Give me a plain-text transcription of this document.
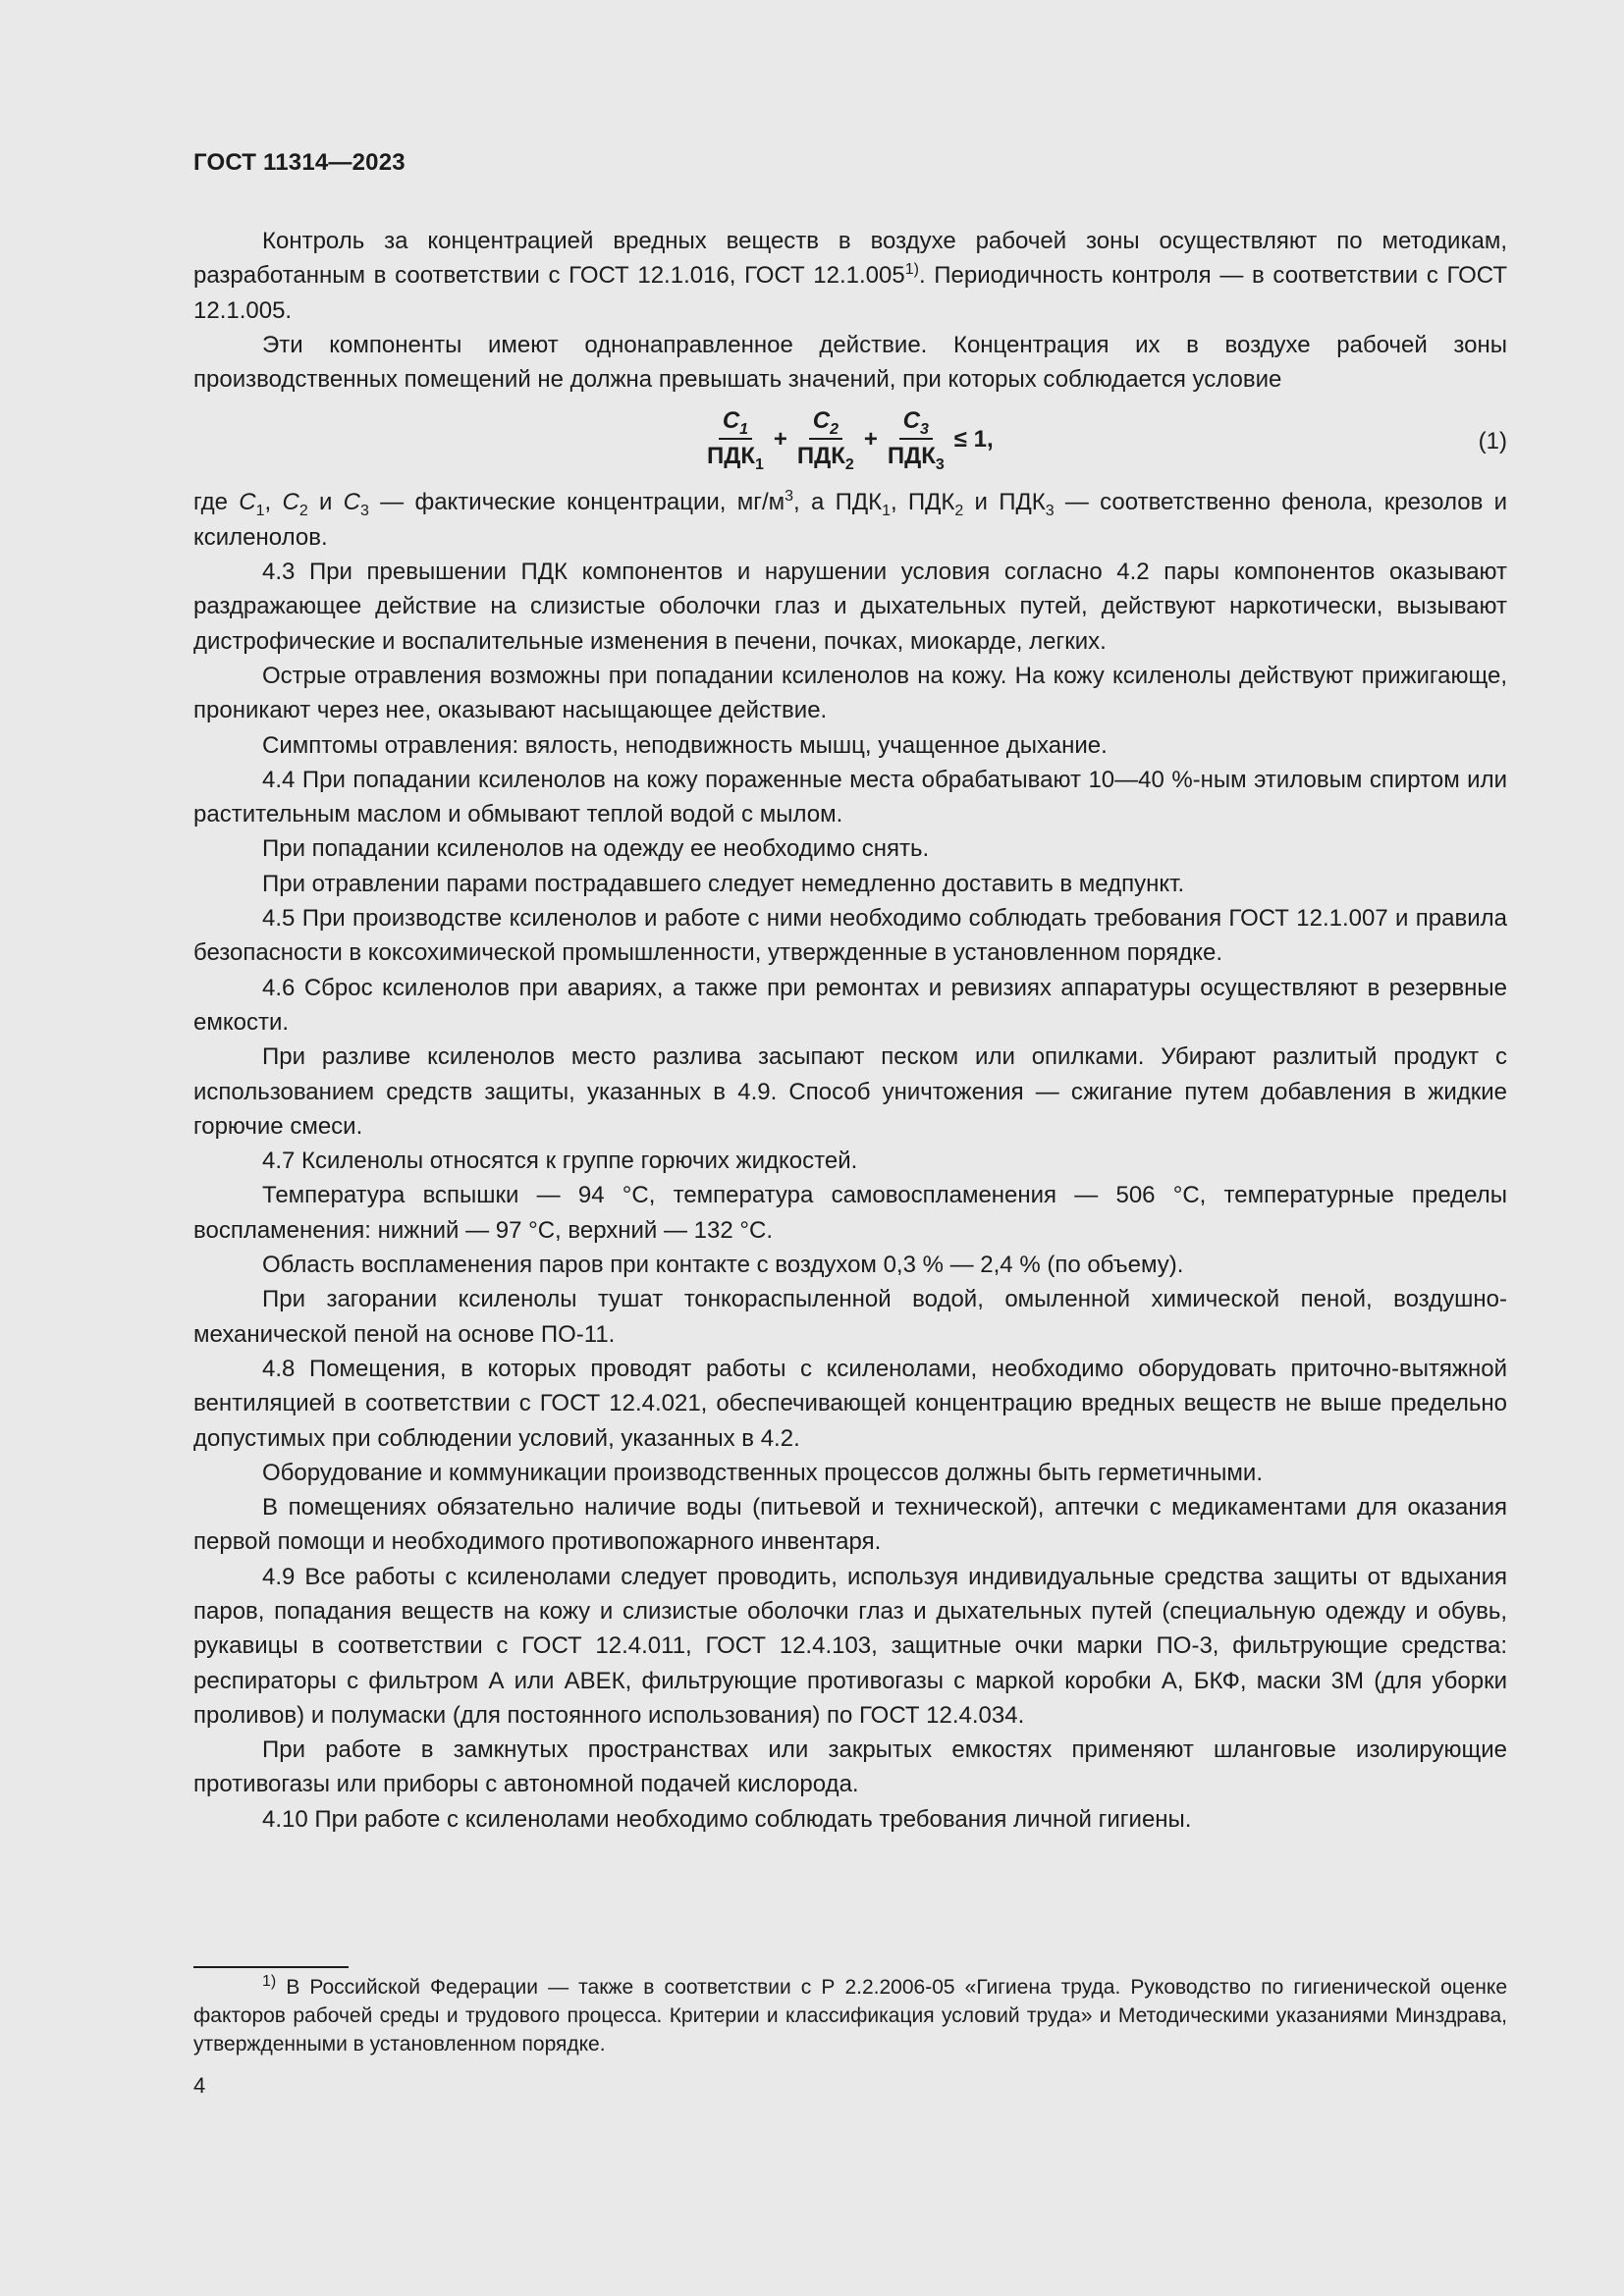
ГОСТ 11314—2023

Контроль за концентрацией вредных веществ в воздухе рабочей зоны осуществляют по методикам, разработанным в соответствии с ГОСТ 12.1.016, ГОСТ 12.1.005$^{1)}$. Периодичность контроля — в соответствии с ГОСТ 12.1.005.

Эти компоненты имеют однонаправленное действие. Концентрация их в воздухе рабочей зоны производственных помещений не должна превышать значений, при которых соблюдается условие

$\frac{C_1}{ПДК_1} + \frac{C_2}{ПДК_2} + \frac{C_3}{ПДК_3} \le 1$,	(1)

где $C_1$, $C_2$ и $C_3$ — фактические концентрации, $мг/м^3$, а $ПДК_1$, $ПДК_2$ и $ПДК_3$ — соответственно фенола, крезолов и ксиленолов.

4.3 При превышении ПДК компонентов и нарушении условия согласно 4.2 пары компонентов оказывают раздражающее действие на слизистые оболочки глаз и дыхательных путей, действуют наркотически, вызывают дистрофические и воспалительные изменения в печени, почках, миокарде, легких.

Острые отравления возможны при попадании ксиленолов на кожу. На кожу ксиленолы действуют прижигающе, проникают через нее, оказывают насыщающее действие.

Симптомы отравления: вялость, неподвижность мышц, учащенное дыхание.

4.4 При попадании ксиленолов на кожу пораженные места обрабатывают 10—40 %-ным этиловым спиртом или растительным маслом и обмывают теплой водой с мылом.

При попадании ксиленолов на одежду ее необходимо снять.

При отравлении парами пострадавшего следует немедленно доставить в медпункт.

4.5 При производстве ксиленолов и работе с ними необходимо соблюдать требования ГОСТ 12.1.007 и правила безопасности в коксохимической промышленности, утвержденные в установленном порядке.

4.6 Сброс ксиленолов при авариях, а также при ремонтах и ревизиях аппаратуры осуществляют в резервные емкости.

При разливе ксиленолов место разлива засыпают песком или опилками. Убирают разлитый продукт с использованием средств защиты, указанных в 4.9. Способ уничтожения — сжигание путем добавления в жидкие горючие смеси.

4.7 Ксиленолы относятся к группе горючих жидкостей.

Температура вспышки — 94 °C, температура самовоспламенения — 506 °C, температурные пределы воспламенения: нижний — 97 °C, верхний — 132 °C.

Область воспламенения паров при контакте с воздухом 0,3 % — 2,4 % (по объему).

При загорании ксиленолы тушат тонкораспыленной водой, омыленной химической пеной, воздушно-механической пеной на основе ПО-11.

4.8 Помещения, в которых проводят работы с ксиленолами, необходимо оборудовать приточно-вытяжной вентиляцией в соответствии с ГОСТ 12.4.021, обеспечивающей концентрацию вредных веществ не выше предельно допустимых при соблюдении условий, указанных в 4.2.

Оборудование и коммуникации производственных процессов должны быть герметичными.

В помещениях обязательно наличие воды (питьевой и технической), аптечки с медикаментами для оказания первой помощи и необходимого противопожарного инвентаря.

4.9 Все работы с ксиленолами следует проводить, используя индивидуальные средства защиты от вдыхания паров, попадания веществ на кожу и слизистые оболочки глаз и дыхательных путей (специальную одежду и обувь, рукавицы в соответствии с ГОСТ 12.4.011, ГОСТ 12.4.103, защитные очки марки ПО-3, фильтрующие средства: респираторы с фильтром А или АВЕК, фильтрующие противогазы с маркой коробки А, БКФ, маски 3М (для уборки проливов) и полумаски (для постоянного использования) по ГОСТ 12.4.034.

При работе в замкнутых пространствах или закрытых емкостях применяют шланговые изолирующие противогазы или приборы с автономной подачей кислорода.

4.10 При работе с ксиленолами необходимо соблюдать требования личной гигиены.

$^{1)}$ В Российской Федерации — также в соответствии с Р 2.2.2006-05 «Гигиена труда. Руководство по гигиенической оценке факторов рабочей среды и трудового процесса. Критерии и классификация условий труда» и Методическими указаниями Минздрава, утвержденными в установленном порядке.

4
